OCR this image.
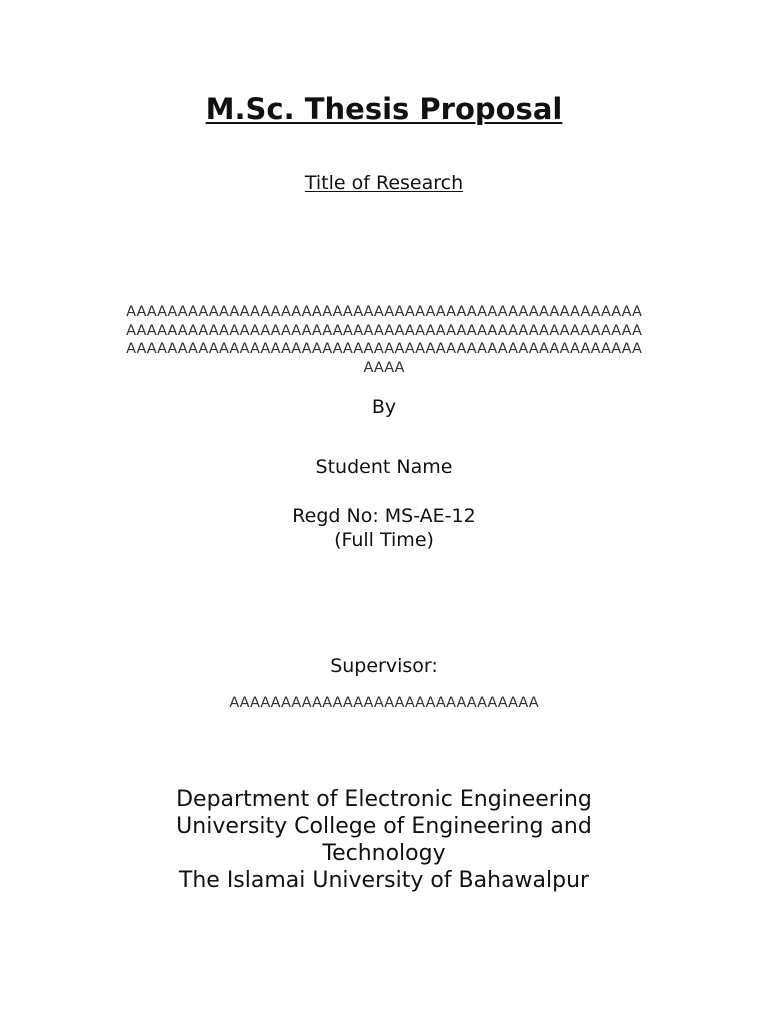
M.Sc. Thesis Proposal

Title of Research

AAAAAAAAAAAAAAAAAAAAAAAAAAAAAAAAAAAAAAAAAAAAAAAAAA
AAAAAAAAAAAAAAAAAAAAAAAAAAAAAAAAAAAAAAAAAAAAAAAAAA
AAAAAAAAAAAAAAAAAAAAAAAAAAAAAAAAAAAAAAAAAAAAAAAAAA
AAAA

By

Student Name

Regd No: MS-AE-12

(Full Time)

Supervisor:

AAAAAAAAAAAAAAAAAAAAAAAAAAAAAA

Department of Electronic Engineering
University College of Engineering and
Technology
The Islamai University of Bahawalpur
